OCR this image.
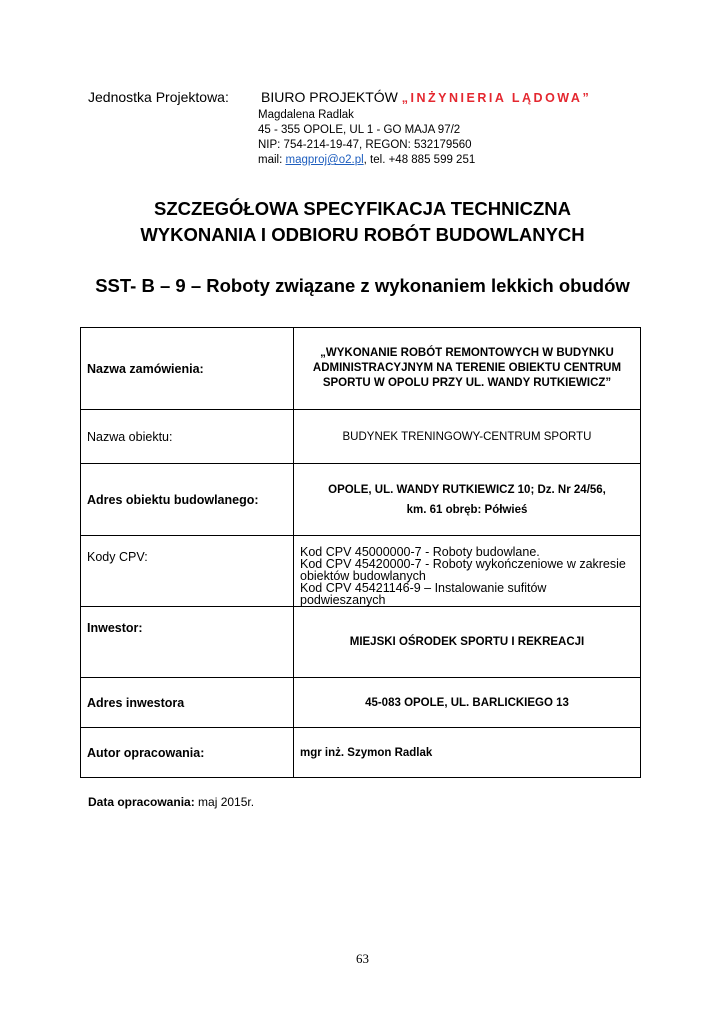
Jednostka Projektowa: BIURO PROJEKTÓW „INŻYNIERIA LĄDOWA”
Magdalena Radlak
45 - 355 OPOLE, UL 1 - GO MAJA 97/2
NIP: 754-214-19-47, REGON: 532179560
mail: magproj@o2.pl, tel. +48 885 599 251
SZCZEGÓŁOWA SPECYFIKACJA TECHNICZNA
WYKONANIA I ODBIORU ROBÓT BUDOWLANYCH
SST- B – 9 – Roboty związane z wykonaniem lekkich obudów
Nazwa zamówienia:	„WYKONANIE ROBÓT REMONTOWYCH W BUDYNKU ADMINISTRACYJNYM NA TERENIE OBIEKTU CENTRUM SPORTU W OPOLU PRZY UL. WANDY RUTKIEWICZ”
Nazwa obiektu:	BUDYNEK TRENINGOWY-CENTRUM SPORTU
Adres obiektu budowlanego:	OPOLE, UL. WANDY RUTKIEWICZ 10; Dz. Nr 24/56,
km. 61 obręb: Półwieś

Kody CPV:	Kod CPV 45000000-7 - Roboty budowlane.
Kod CPV 45420000-7 - Roboty wykończeniowe w zakresie obiektów budowlanych
Kod CPV 45421146-9 – Instalowanie sufitów podwieszanych

Inwestor:	MIEJSKI OŚRODEK SPORTU I REKREACJI
Adres inwestora	45-083 OPOLE, UL. BARLICKIEGO 13
Autor opracowania:	mgr inż. Szymon Radlak
Data opracowania: maj 2015r.
63
